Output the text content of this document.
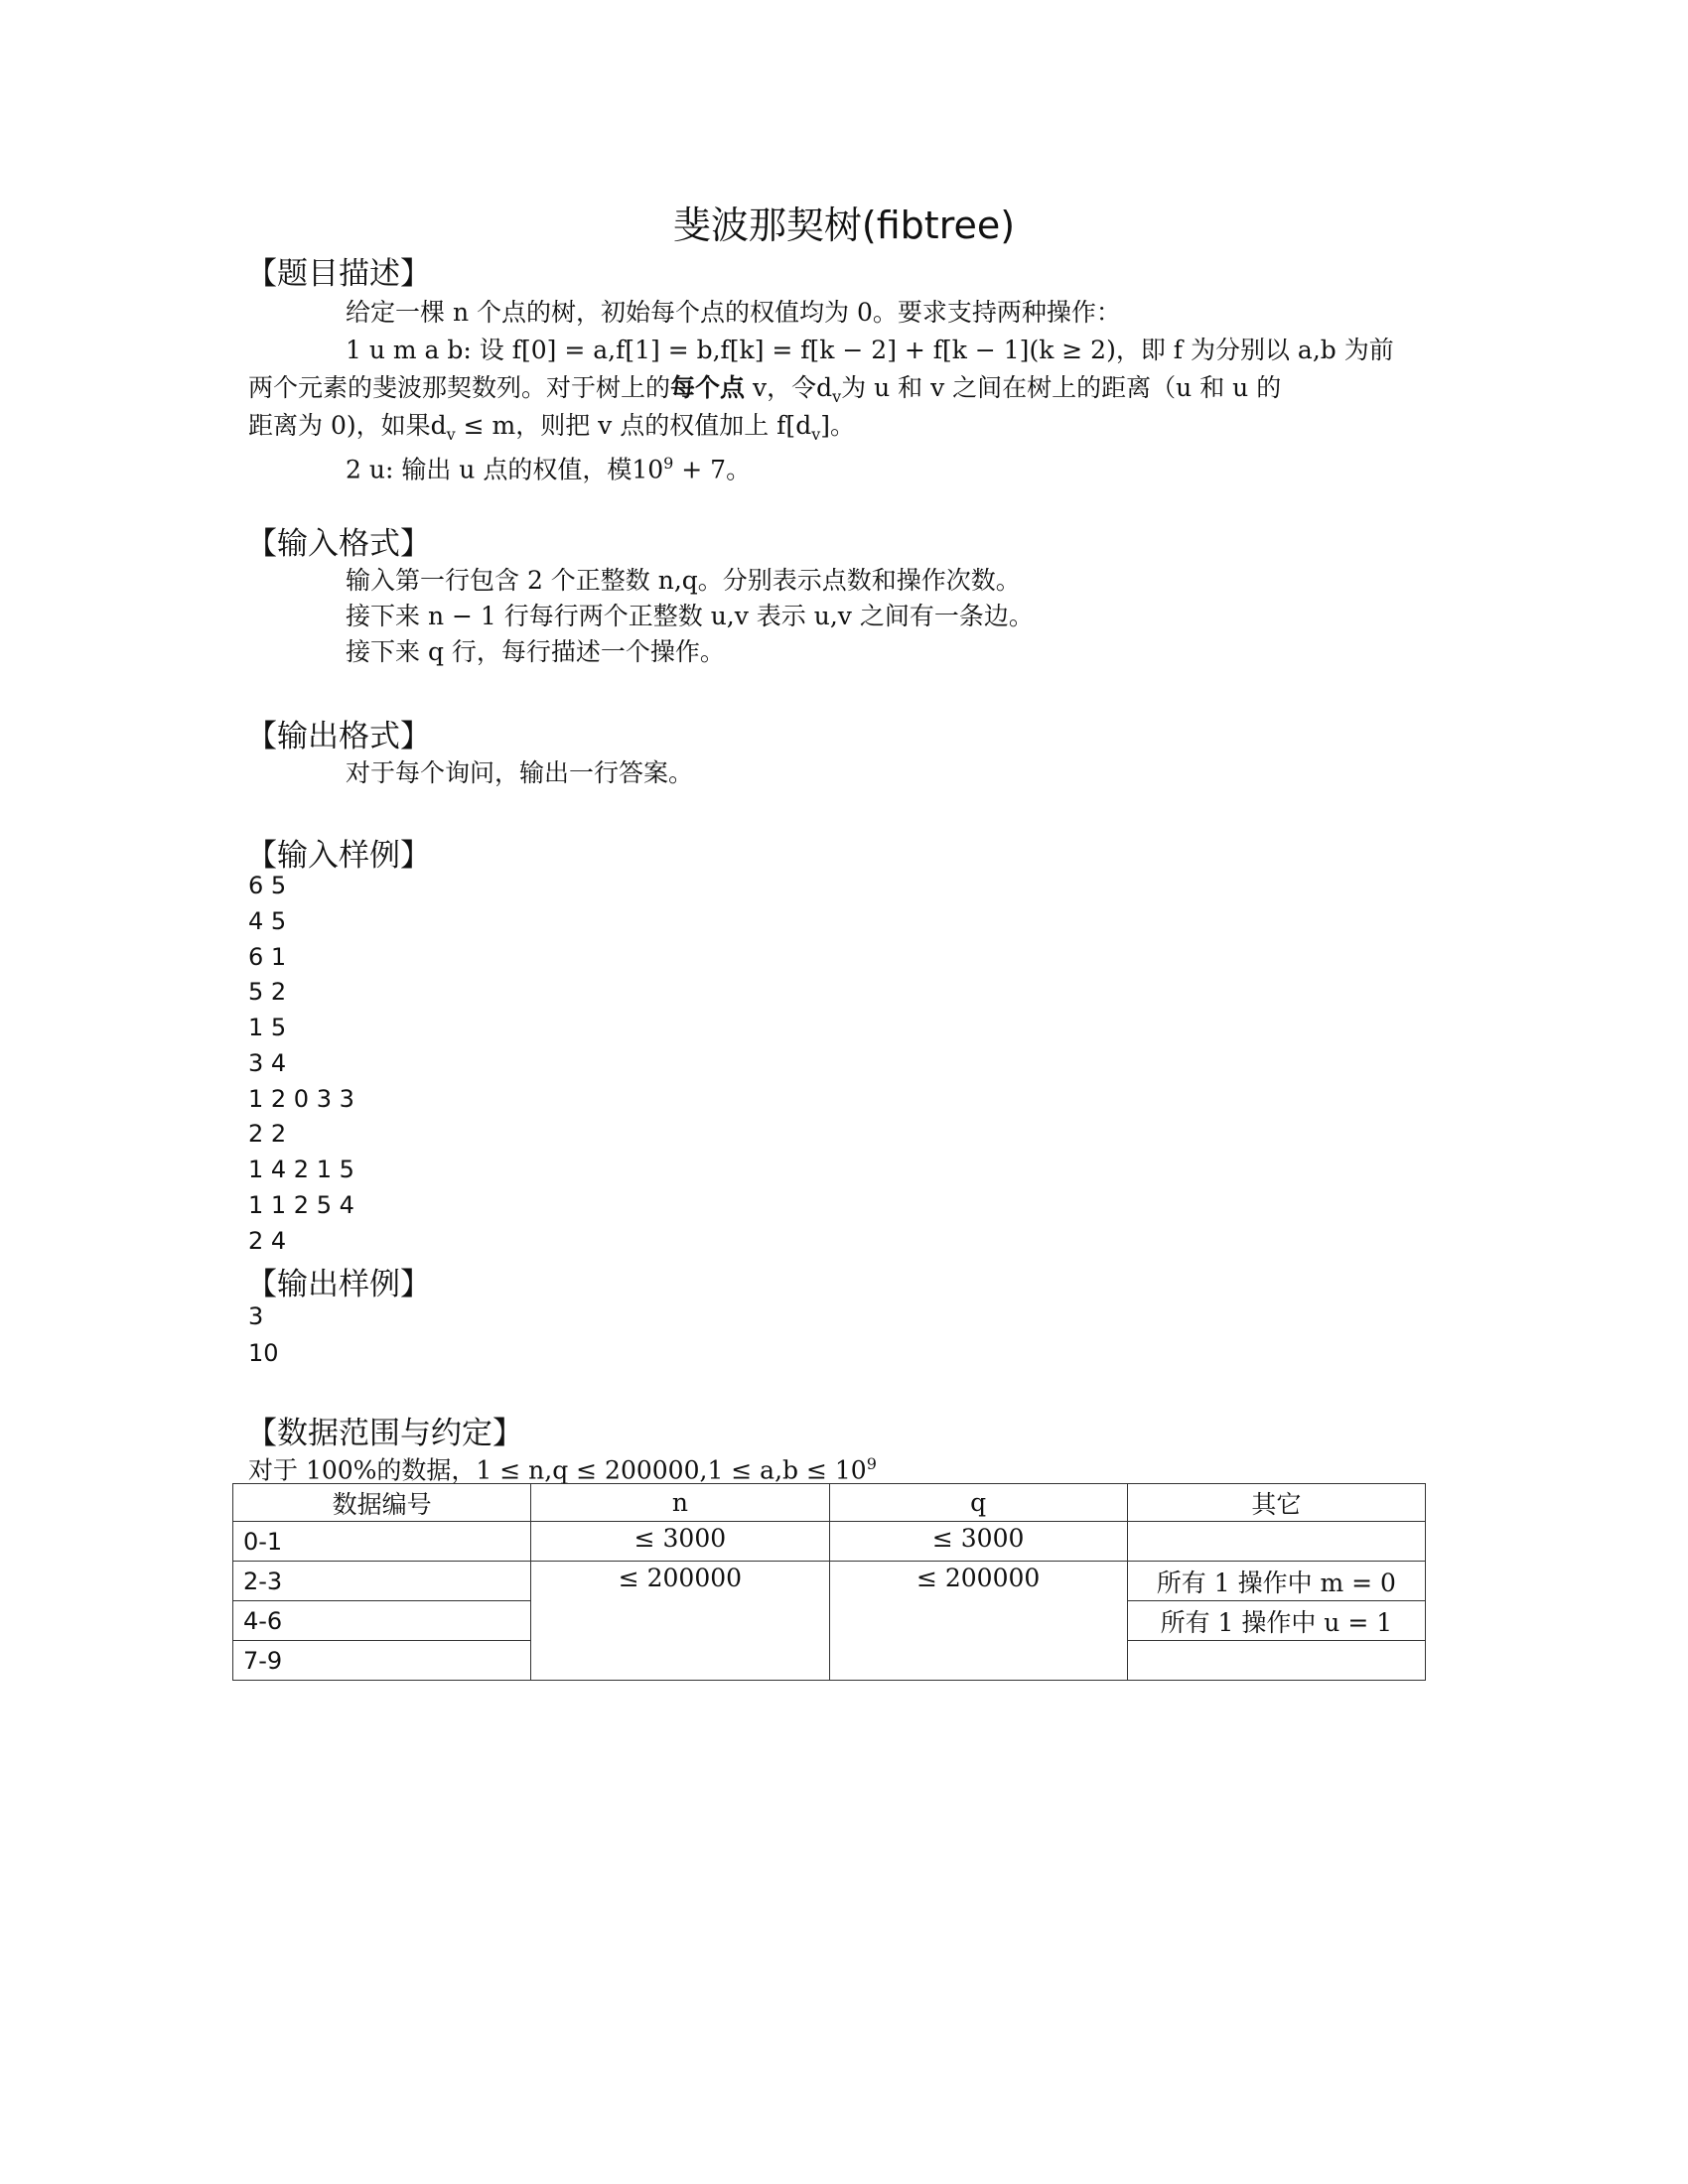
斐波那契树(fibtree)
【题目描述】
给定一棵 n 个点的树，初始每个点的权值均为 0。要求支持两种操作：
1 u m a b: 设 f[0] = a,f[1] = b,f[k] = f[k − 2] + f[k − 1](k ≥ 2)，即 f 为分别以 a,b 为前
两个元素的斐波那契数列。对于树上的每个点 v，令$d_v$为 u 和 v 之间在树上的距离（u 和 u 的
距离为 0)，如果$d_v \le m$，则把 v 点的权值加上 $f[d_v]$。
2 u: 输出 u 点的权值，模$10^9 + 7$。
【输入格式】
输入第一行包含 2 个正整数 n,q。分别表示点数和操作次数。
接下来 n − 1 行每行两个正整数 u,v 表示 u,v 之间有一条边。
接下来 q 行，每行描述一个操作。
【输出格式】
对于每个询问，输出一行答案。
【输入样例】
6 5
4 5
6 1
5 2
1 5
3 4
1 2 0 3 3
2 2
1 4 2 1 5
1 1 2 5 4
2 4
【输出样例】
3
10
【数据范围与约定】
对于 100%的数据，$1 \le n,q \le 200000,1 \le a,b \le 10^9$
数据编号	n	q	其它
0-1	≤ 3000	≤ 3000	
2-3	≤ 200000	≤ 200000	所有 1 操作中 m = 0
4-6			所有 1 操作中 u = 1
7-9			
